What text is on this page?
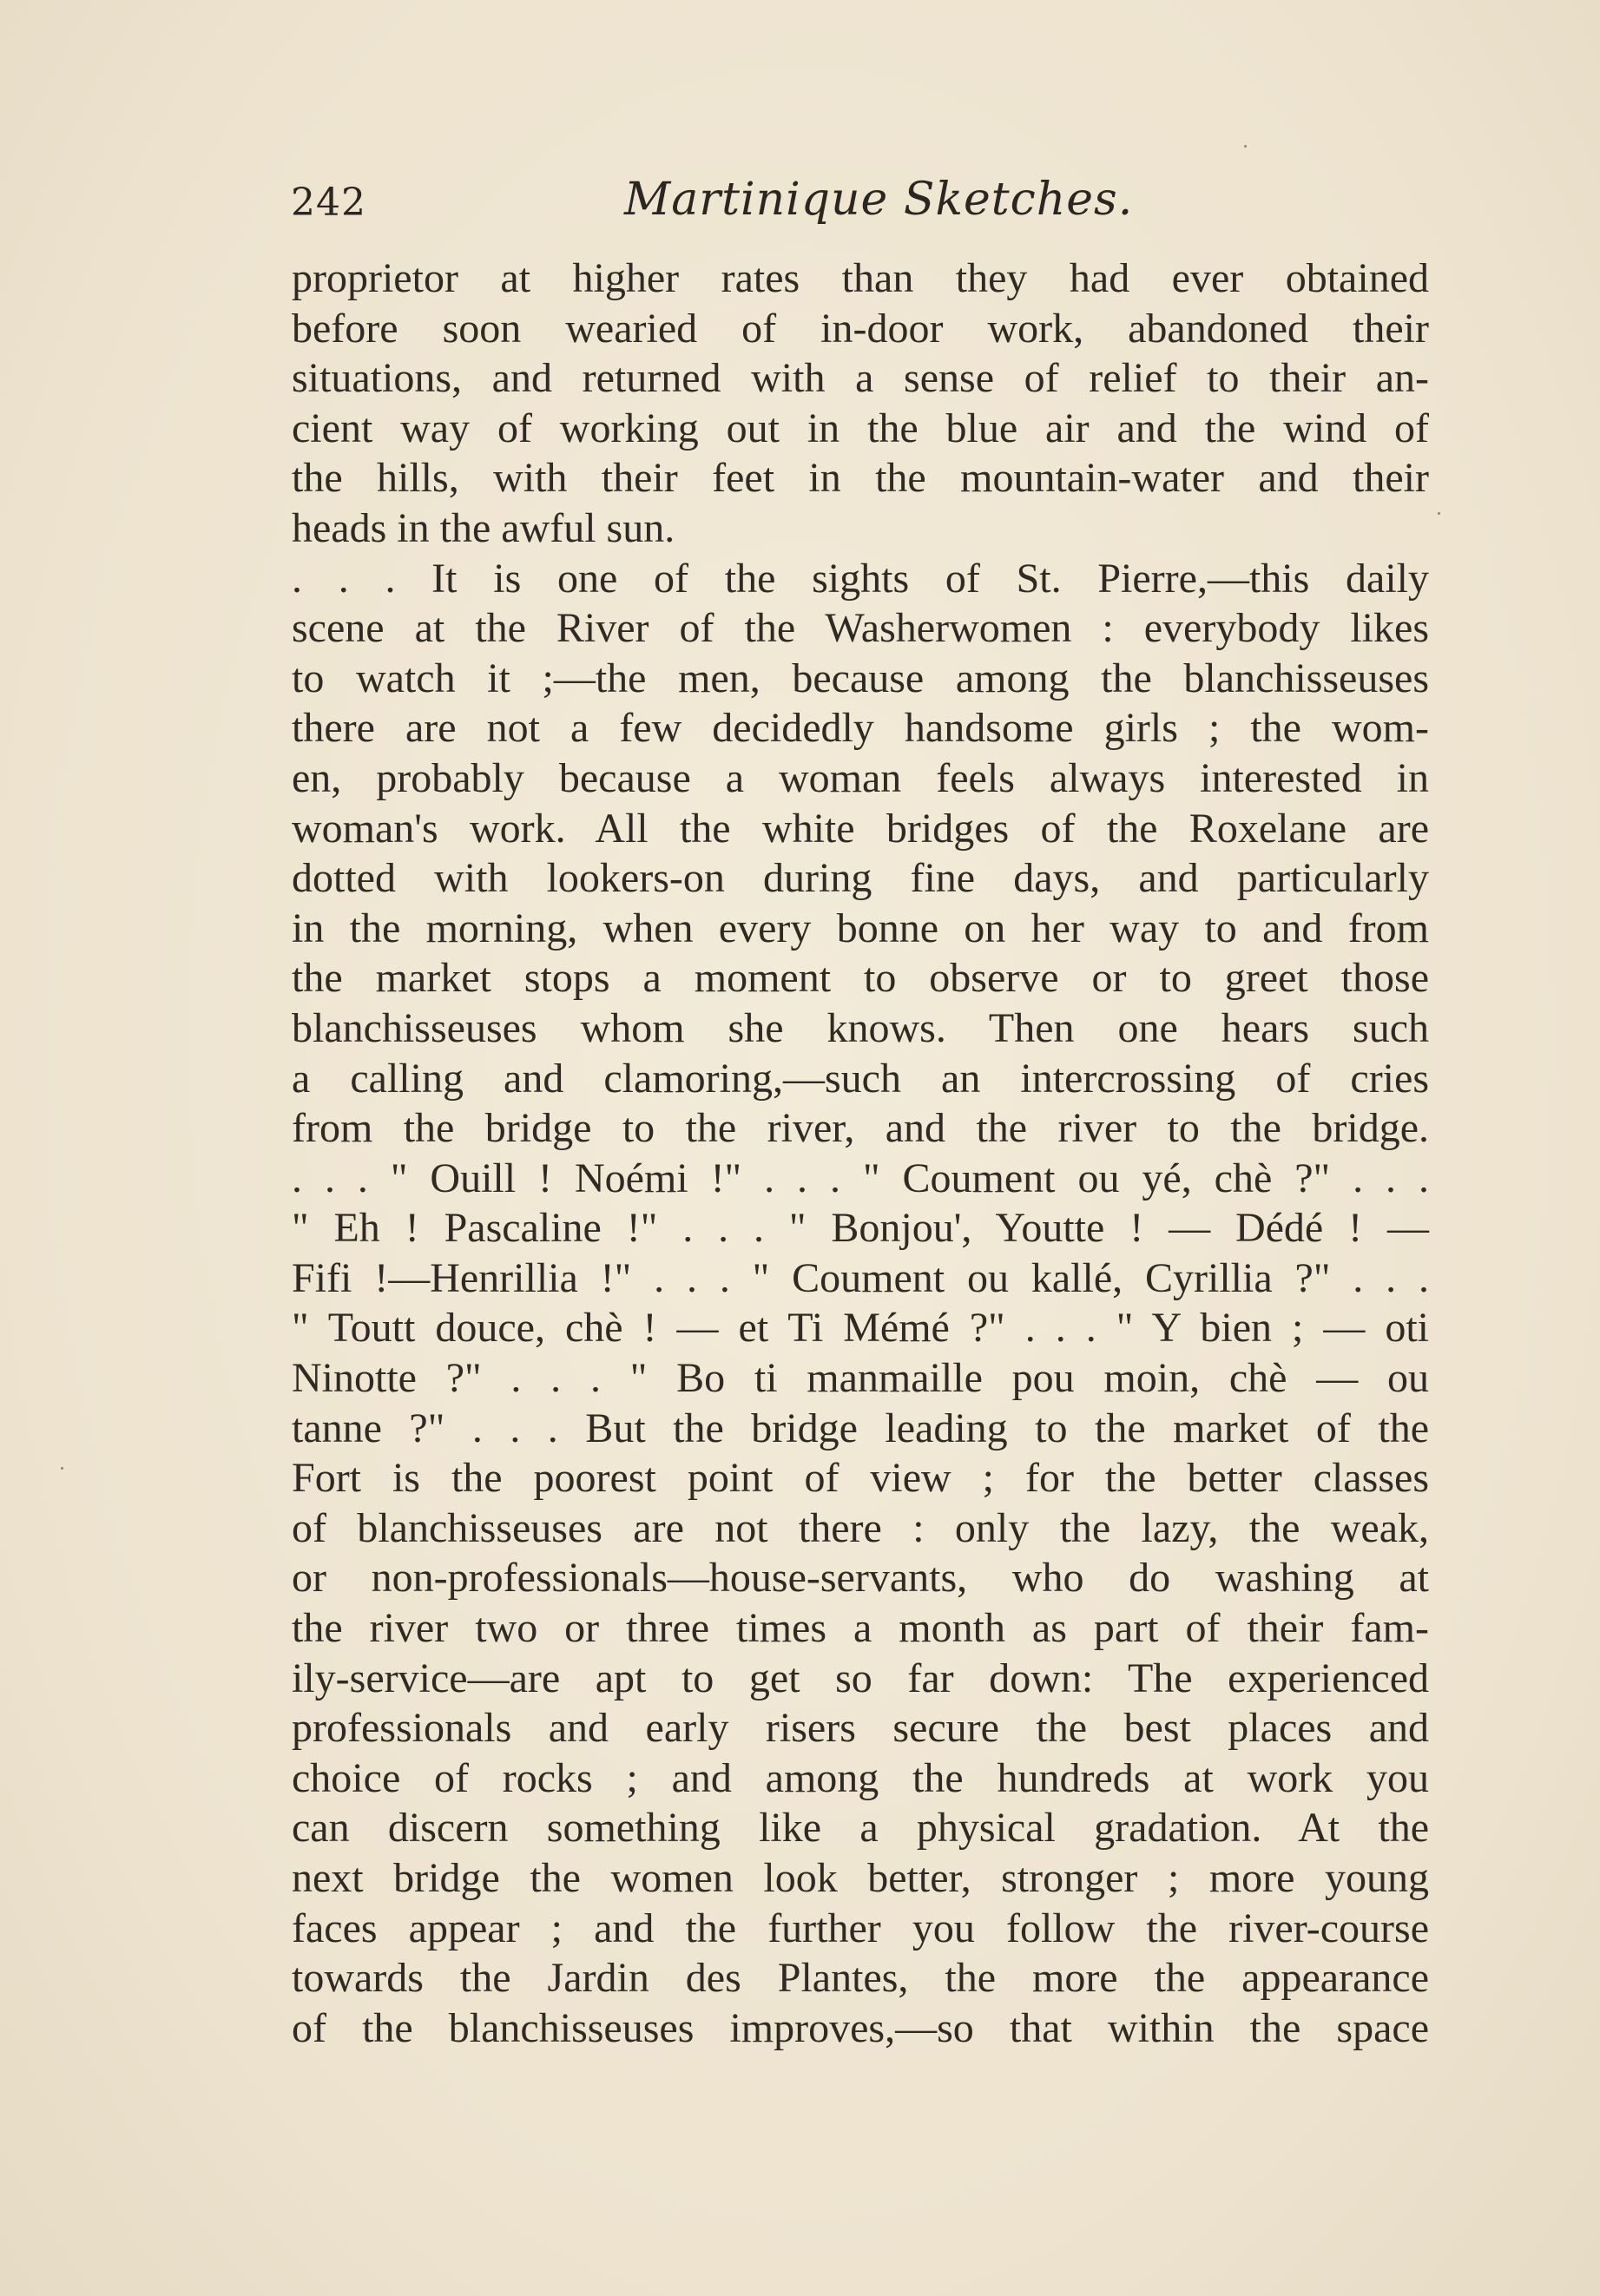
242	Martinique Sketches.
proprietor at higher rates than they had ever obtained
before soon wearied of in-door work, abandoned their
situations, and returned with a sense of relief to their an-
cient way of working out in the blue air and the wind of
the hills, with their feet in the mountain-water and their
heads in the awful sun.
. . . It is one of the sights of St. Pierre,—this daily
scene at the River of the Washerwomen : everybody likes
to watch it ;—the men, because among the blanchisseuses
there are not a few decidedly handsome girls ; the wom-
en, probably because a woman feels always interested in
woman's work. All the white bridges of the Roxelane are
dotted with lookers-on during fine days, and particularly
in the morning, when every bonne on her way to and from
the market stops a moment to observe or to greet those
blanchisseuses whom she knows. Then one hears such
a calling and clamoring,—such an intercrossing of cries
from the bridge to the river, and the river to the bridge.
. . . " Ouill ! Noémi !" . . . " Coument ou yé, chè ?" . . .
" Eh ! Pascaline !" . . . " Bonjou', Youtte ! — Dédé ! —
Fifi !—Henrillia !" . . . " Coument ou kallé, Cyrillia ?" . . .
" Toutt douce, chè ! — et Ti Mémé ?" . . . " Y bien ; — oti
Ninotte ?" . . . " Bo ti manmaille pou moin, chè — ou
tanne ?" . . . But the bridge leading to the market of the
Fort is the poorest point of view ; for the better classes
of blanchisseuses are not there : only the lazy, the weak,
or non-professionals—house-servants, who do washing at
the river two or three times a month as part of their fam-
ily-service—are apt to get so far down: The experienced
professionals and early risers secure the best places and
choice of rocks ; and among the hundreds at work you
can discern something like a physical gradation. At the
next bridge the women look better, stronger ; more young
faces appear ; and the further you follow the river-course
towards the Jardin des Plantes, the more the appearance
of the blanchisseuses improves,—so that within the space
